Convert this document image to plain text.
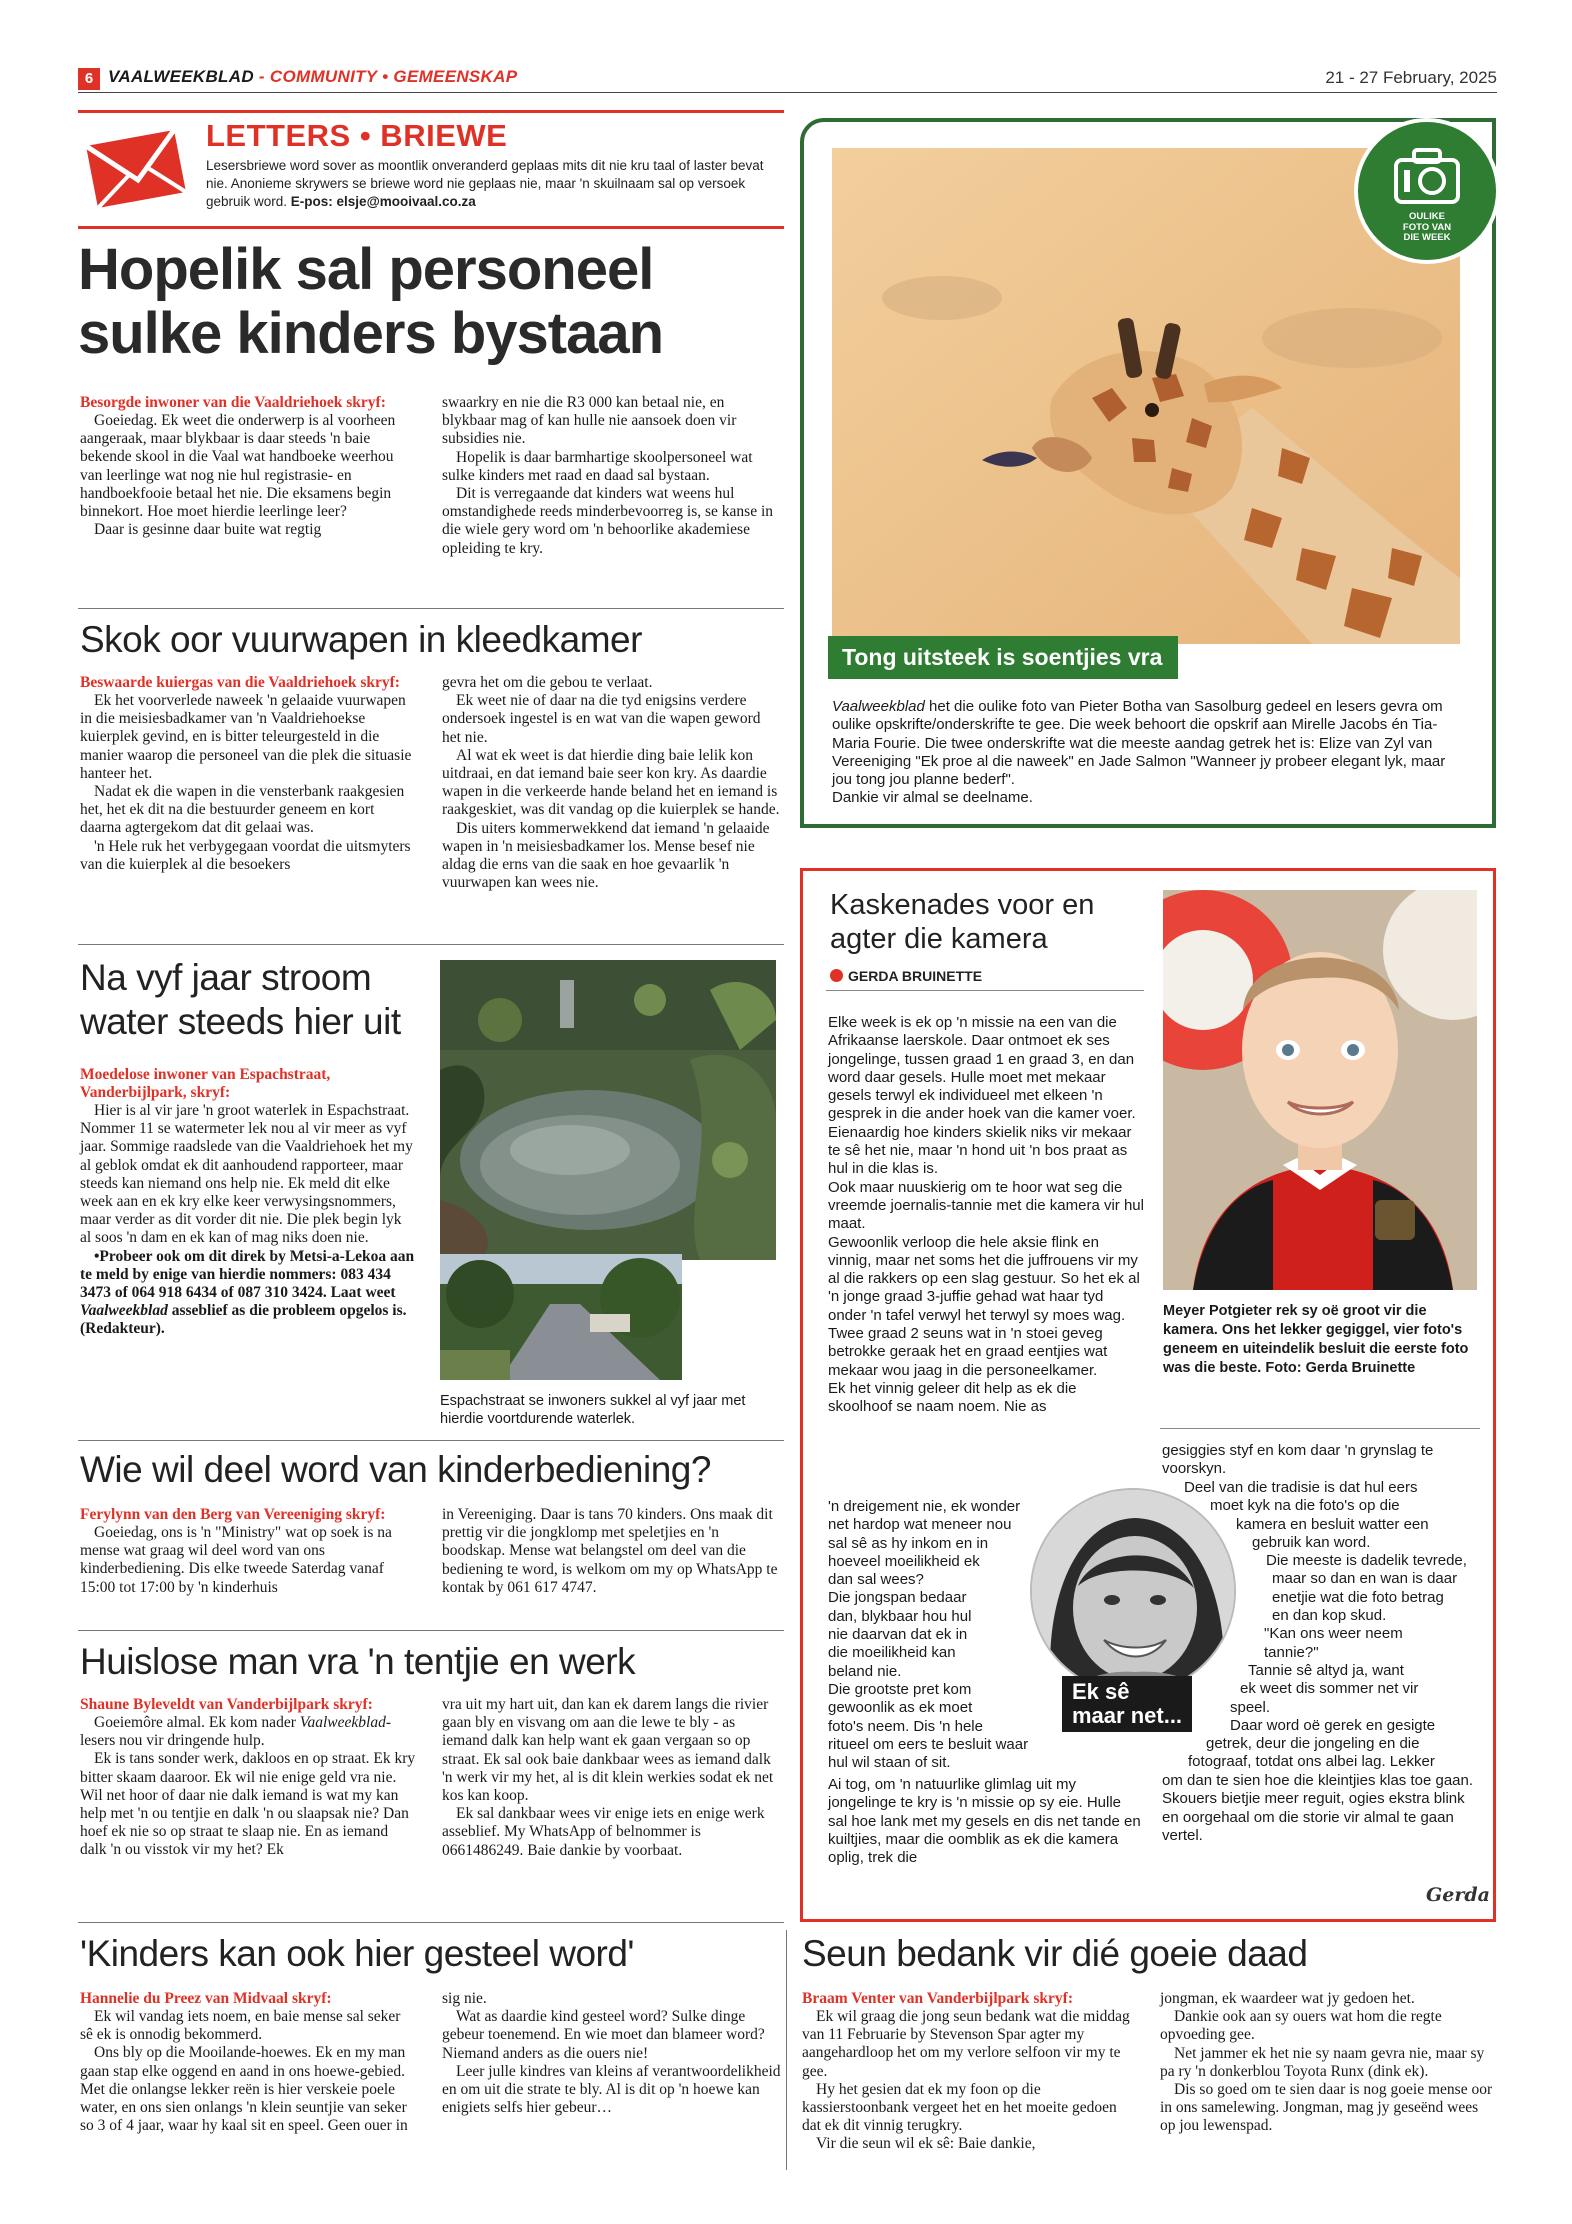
6 VAALWEEKBLAD - COMMUNITY • GEMEENSKAP	21 - 27 February, 2025
LETTERS • BRIEWE
Lesersbriewe word sover as moontlik onveranderd geplaas mits dit nie kru taal of laster bevat nie. Anonieme skrywers se briewe word nie geplaas nie, maar 'n skuilnaam sal op versoek gebruik word. E-pos: elsje@mooivaal.co.za
Hopelik sal personeel
sulke kinders bystaan
Besorgde inwoner van die Vaaldriehoek skryf:

Goeiedag. Ek weet die onderwerp is al voorheen aangeraak, maar blykbaar is daar steeds 'n baie bekende skool in die Vaal wat handboeke weerhou van leerlinge wat nog nie hul registrasie- en handboekfooie betaal het nie. Die eksamens begin binnekort. Hoe moet hierdie leerlinge leer?

Daar is gesinne daar buite wat regtig

swaarkry en nie die R3 000 kan betaal nie, en blykbaar mag of kan hulle nie aansoek doen vir subsidies nie.

Hopelik is daar barmhartige skoolpersoneel wat sulke kinders met raad en daad sal bystaan.

Dit is verregaande dat kinders wat weens hul omstandighede reeds minderbevoorreg is, se kanse in die wiele gery word om 'n behoorlike akademiese opleiding te kry.

Skok oor vuurwapen in kleedkamer
Beswaarde kuiergas van die Vaaldriehoek skryf:

Ek het voorverlede naweek 'n gelaaide vuurwapen in die meisiesbadkamer van 'n Vaaldriehoekse kuierplek gevind, en is bitter teleurgesteld in die manier waarop die personeel van die plek die situasie hanteer het.

Nadat ek die wapen in die vensterbank raakgesien het, het ek dit na die bestuurder geneem en kort daarna agtergekom dat dit gelaai was.

'n Hele ruk het verbygegaan voordat die uitsmyters van die kuierplek al die besoekers

gevra het om die gebou te verlaat.

Ek weet nie of daar na die tyd enigsins verdere ondersoek ingestel is en wat van die wapen geword het nie.

Al wat ek weet is dat hierdie ding baie lelik kon uitdraai, en dat iemand baie seer kon kry. As daardie wapen in die verkeerde hande beland het en iemand is raakgeskiet, was dit vandag op die kuierplek se hande.

Dis uiters kommerwekkend dat iemand 'n gelaaide wapen in 'n meisiesbadkamer los. Mense besef nie aldag die erns van die saak en hoe gevaarlik 'n vuurwapen kan wees nie.

Na vyf jaar stroom
water steeds hier uit
Moedelose inwoner van Espachstraat, Vanderbijlpark, skryf:

Hier is al vir jare 'n groot waterlek in Espachstraat. Nommer 11 se watermeter lek nou al vir meer as vyf jaar. Sommige raadslede van die Vaaldriehoek het my al geblok omdat ek dit aanhoudend rapporteer, maar steeds kan niemand ons help nie. Ek meld dit elke week aan en ek kry elke keer verwysingsnommers, maar verder as dit vorder dit nie. Die plek begin lyk al soos 'n dam en ek kan of mag niks doen nie.

•Probeer ook om dit direk by Metsi-a-Lekoa aan te meld by enige van hierdie nommers: 083 434 3473 of 064 918 6434 of 087 310 3424. Laat weet Vaalweekblad asseblief as die probleem opgelos is. (Redakteur).

Espachstraat se inwoners sukkel al vyf jaar met hierdie voortdurende waterlek.
Wie wil deel word van kinderbediening?
Ferylynn van den Berg van Vereeniging skryf:

Goeiedag, ons is 'n "Ministry" wat op soek is na mense wat graag wil deel word van ons kinderbediening. Dis elke tweede Saterdag vanaf 15:00 tot 17:00 by 'n kinderhuis

in Vereeniging. Daar is tans 70 kinders. Ons maak dit prettig vir die jongklomp met speletjies en 'n boodskap. Mense wat belangstel om deel van die bediening te word, is welkom om my op WhatsApp te kontak by 061 617 4747.

Huislose man vra 'n tentjie en werk
Shaune Byleveldt van Vanderbijlpark skryf:

Goeiemôre almal. Ek kom nader Vaalweekblad-lesers nou vir dringende hulp.

Ek is tans sonder werk, dakloos en op straat. Ek kry bitter skaam daaroor. Ek wil nie enige geld vra nie. Wil net hoor of daar nie dalk iemand is wat my kan help met 'n ou tentjie en dalk 'n ou slaapsak nie? Dan hoef ek nie so op straat te slaap nie. En as iemand dalk 'n ou visstok vir my het? Ek

vra uit my hart uit, dan kan ek darem langs die rivier gaan bly en visvang om aan die lewe te bly - as iemand dalk kan help want ek gaan vergaan so op straat. Ek sal ook baie dankbaar wees as iemand dalk 'n werk vir my het, al is dit klein werkies sodat ek net kos kan koop.

Ek sal dankbaar wees vir enige iets en enige werk asseblief. My WhatsApp of belnommer is 0661486249. Baie dankie by voorbaat.

'Kinders kan ook hier gesteel word'
Hannelie du Preez van Midvaal skryf:

Ek wil vandag iets noem, en baie mense sal seker sê ek is onnodig bekommerd.

Ons bly op die Mooilande-hoewes. Ek en my man gaan stap elke oggend en aand in ons hoewe-gebied. Met die onlangse lekker reën is hier verskeie poele water, en ons sien onlangs 'n klein seuntjie van seker so 3 of 4 jaar, waar hy kaal sit en speel. Geen ouer in

sig nie.

Wat as daardie kind gesteel word? Sulke dinge gebeur toenemend. En wie moet dan blameer word? Niemand anders as die ouers nie!

Leer julle kindres van kleins af verantwoordelikheid en om uit die strate te bly. Al is dit op 'n hoewe kan enigiets selfs hier gebeur…

OULIKE
FOTO VAN
DIE WEEK
Tong uitsteek is soentjies vra
Vaalweekblad het die oulike foto van Pieter Botha van Sasolburg gedeel en lesers gevra om oulike opskrifte/onderskrifte te gee. Die week behoort die opskrif aan Mirelle Jacobs én Tia-Maria Fourie. Die twee onderskrifte wat die meeste aandag getrek het is: Elize van Zyl van Vereeniging "Ek proe al die naweek" en Jade Salmon "Wanneer jy probeer elegant lyk, maar jou tong jou planne bederf".
Dankie vir almal se deelname.
Kaskenades voor en agter die kamera
GERDA BRUINETTE
Meyer Potgieter rek sy oë groot vir die kamera. Ons het lekker gegiggel, vier foto's geneem en uiteindelik besluit die eerste foto was die beste. Foto: Gerda Bruinette
Elke week is ek op 'n missie na een van die Afrikaanse laerskole. Daar ontmoet ek ses jongelinge, tussen graad 1 en graad 3, en dan word daar gesels. Hulle moet met mekaar gesels terwyl ek individueel met elkeen 'n gesprek in die ander hoek van die kamer voer. Eienaardig hoe kinders skielik niks vir mekaar te sê het nie, maar 'n hond uit 'n bos praat as hul in die klas is.
Ook maar nuuskierig om te hoor wat seg die vreemde joernalis-tannie met die kamera vir hul maat.
Gewoonlik verloop die hele aksie flink en vinnig, maar net soms het die juffrouens vir my al die rakkers op een slag gestuur. So het ek al 'n jonge graad 3-juffie gehad wat haar tyd onder 'n tafel verwyl het terwyl sy moes wag.
Twee graad 2 seuns wat in 'n stoei geveg betrokke geraak het en graad eentjies wat mekaar wou jaag in die personeelkamer.
Ek het vinnig geleer dit help as ek die skoolhoof se naam noem. Nie as
'n dreigement nie, ek wonder
net hardop wat meneer nou
sal sê as hy inkom en in
hoeveel moeilikheid ek
dan sal wees?
Die jongspan bedaar
dan, blykbaar hou hul
nie daarvan dat ek in
die moeilikheid kan
beland nie.
Die grootste pret kom
gewoonlik as ek moet
foto's neem. Dis 'n hele
ritueel om eers te besluit waar
hul wil staan of sit.
Ai tog, om 'n natuurlike glimlag uit my jongelinge te kry is 'n missie op sy eie. Hulle sal hoe lank met my gesels en dis net tande en kuiltjies, maar die oomblik as ek die kamera oplig, trek die
gesiggies styf en kom daar 'n grynslag te voorskyn.
Deel van die tradisie is dat hul eers
moet kyk na die foto's op die
kamera en besluit watter een
gebruik kan word.
Die meeste is dadelik tevrede,
maar so dan en wan is daar
enetjie wat die foto betrag
en dan kop skud.
"Kan ons weer neem
tannie?"
Tannie sê altyd ja, want
ek weet dis sommer net vir
speel.
Daar word oë gerek en gesigte
getrek, deur die jongeling en die
fotograaf, totdat ons albei lag. Lekker
om dan te sien hoe die kleintjies klas toe gaan.
Skouers bietjie meer reguit, ogies ekstra blink en oorgehaal om die storie vir almal te gaan vertel.
Ek sê
maar net...
Gerda
Seun bedank vir dié goeie daad
Braam Venter van Vanderbijlpark skryf:

Ek wil graag die jong seun bedank wat die middag van 11 Februarie by Stevenson Spar agter my aangehardloop het om my verlore selfoon vir my te gee.

Hy het gesien dat ek my foon op die kassierstoonbank vergeet het en het moeite gedoen dat ek dit vinnig terugkry.

Vir die seun wil ek sê: Baie dankie,

jongman, ek waardeer wat jy gedoen het.

Dankie ook aan sy ouers wat hom die regte opvoeding gee.

Net jammer ek het nie sy naam gevra nie, maar sy pa ry 'n donkerblou Toyota Runx (dink ek).

Dis so goed om te sien daar is nog goeie mense oor in ons samelewing. Jongman, mag jy geseënd wees op jou lewenspad.
